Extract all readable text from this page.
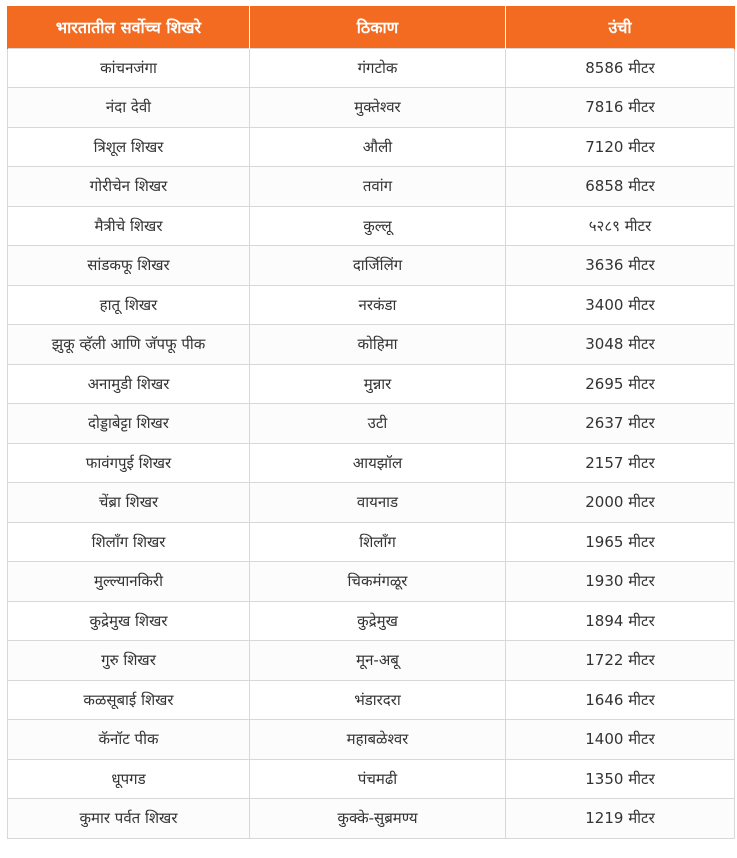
भारतातील सर्वोच्च शिखरे	ठिकाण	उंची
कांचनजंगा	गंगटोक	8586 मीटर
नंदा देवी	मुक्तेश्वर	7816 मीटर
त्रिशूल शिखर	औली	7120 मीटर
गोरीचेन शिखर	तवांग	6858 मीटर
मैत्रीचे शिखर	कुल्लू	५२८९ मीटर
सांडकफू शिखर	दार्जिलिंग	3636 मीटर
हातू शिखर	नरकंडा	3400 मीटर
झुकू व्हॅली आणि जॅपफू पीक	कोहिमा	3048 मीटर
अनामुडी शिखर	मुन्नार	2695 मीटर
दोड्डाबेट्टा शिखर	उटी	2637 मीटर
फावंगपुई शिखर	आयझॉल	2157 मीटर
चेंब्रा शिखर	वायनाड	2000 मीटर
शिलाँग शिखर	शिलाँग	1965 मीटर
मुल्ल्यानकिरी	चिकमंगळूर	1930 मीटर
कुद्रेमुख शिखर	कुद्रेमुख	1894 मीटर
गुरु शिखर	मून-अबू	1722 मीटर
कळसूबाई शिखर	भंडारदरा	1646 मीटर
कॅनॉट पीक	महाबळेश्वर	1400 मीटर
धूपगड	पंचमढी	1350 मीटर
कुमार पर्वत शिखर	कुक्के-सुब्रमण्य	1219 मीटर
